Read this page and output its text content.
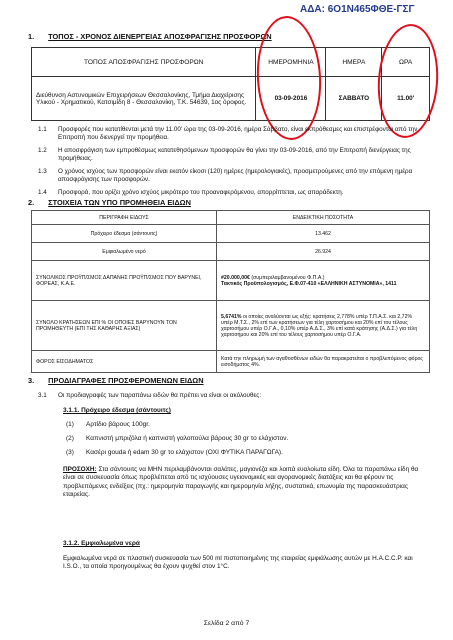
ΑΔΑ: 6Ο1Ν465ΦΘΕ-ΓΣΓ
1. ΤΟΠΟΣ - ΧΡΟΝΟΣ ΔΙΕΝΕΡΓΕΙΑΣ ΑΠΟΣΦΡΑΓΙΣΗΣ ΠΡΟΣΦΟΡΩΝ
ΤΟΠΟΣ ΑΠΟΣΦΡΑΓΙΣΗΣ ΠΡΟΣΦΟΡΩΝ	ΗΜΕΡΟΜΗΝΙΑ	ΗΜΕΡΑ	ΩΡΑ
Διεύθυνση Αστυνομικών Επιχειρήσεων Θεσσαλονίκης, Τμήμα Διαχείρισης Υλικού - Χρηματικού, Κατσιμίδη 8 - Θεσσαλονίκη, Τ.Κ. 54639, 1ος όροφος.	03-09-2016	ΣΑΒΒΑΤΟ	11.00'
1.1 Προσφορές που κατατίθενται μετά την 11.00' ώρα της 03-09-2016, ημέρα Σάββατο, είναι εκπρόθεσμες και επιστρέφονται από την Επιτροπή που διενεργεί την προμήθεια.
1.2 Η αποσφράγιση των εμπροθέσμως κατατεθησόμενων προσφορών θα γίνει την 03-09-2016, από την Επιτροπή διενέργειας της προμήθειας.
1.3 Ο χρόνος ισχύος των προσφορών είναι εκατόν είκοσι (120) ημέρες (ημερολογιακές), προσμετρούμενες από την επόμενη ημέρα αποσφράγισης των προσφορών.
1.4 Προσφορά, που ορίζει χρόνο ισχύος μικρότερο του προαναφερόμενου, απορρίπτεται, ως απαράδεκτη.
2. ΣΤΟΙΧΕΙΑ ΤΩΝ ΥΠΟ ΠΡΟΜΗΘΕΙΑ ΕΙΔΩΝ
ΠΕΡΙΓΡΑΦΗ ΕΙΔΟΥΣ	ΕΝΔΕΙΚΤΙΚΗ ΠΟΣΟΤΗΤΑ
Πρόχειρο έδεσμα (σάντουιτς)	13.462
Εμφιαλωμένο νερό	26.924
ΣΥΝΟΛΙΚΟΣ ΠΡΟΫΠ/ΣΜΟΣ ΔΑΠΑΝΗΣ ΠΡΟΫΠ/ΣΜΟΣ ΠΟΥ ΒΑΡΥΝΕΙ, ΦΟΡΕΑΣ, Κ.Α.Ε.	#20.000,00€ (συμπεριλαμβανομένου Φ.Π.Α.)
Τακτικός Προϋπολογισμός, Ε.Φ.07-410 «ΕΛΛΗΝΙΚΗ ΑΣΤΥΝΟΜΙΑ», 1411
ΣΥΝΟΛΟ ΚΡΑΤΗΣΕΩΝ ΕΠΙ % ΟΙ ΟΠΟΙΕΣ ΒΑΡΥΝΟΥΝ ΤΟΝ ΠΡΟΜΗΘΕΥΤΗ (ΕΠΙ ΤΗΣ ΚΑΘΑΡΗΣ ΑΞΙΑΣ)	5,6741% οι οποίες αναλύονται ως εξής: κρατήσεις 2,778% υπέρ Τ.Π.Α.Σ. και 2,72% υπέρ Μ.Τ.Σ., 2% επί των κρατήσεων για τέλη χαρτοσήμου και 20% επί του τέλους χαρτοσήμου υπέρ Ο.Γ.Α., 0,10% υπέρ Α.Δ.Σ., 3% επί κατά κράτησης (Α.Δ.Σ.) για τέλη χαρτοσήμου και 20% επί του τέλους χαρτοσήμου υπέρ Ο.Γ.Α.
ΦΟΡΟΣ ΕΙΣΟΔΗΜΑΤΟΣ	Κατά την πληρωμή των αγαθοσθένων ειδών θα παρακρατείται ο προβλεπόμενος φόρος εισοδήματος 4%.
3. ΠΡΟΔΙΑΓΡΑΦΕΣ ΠΡΟΣΦΕΡΟΜΕΝΩΝ ΕΙΔΩΝ
3.1 Οι προδιαγραφές των παραπάνω ειδών θα πρέπει να είναι οι ακόλουθες:
3.1.1. Πρόχειρο έδεσμα (σάντουιτς)
(1) Αρτίδιο βάρους 100gr.
(2) Καπνιστή μπριζόλα ή καπνιστή γαλοπούλα βάρους 30 gr το ελάχιστον.
(3) Κασέρι gouda ή edam 30 gr το ελάχιστον (ΟΧΙ ΦΥΤΙΚΑ ΠΑΡΑΓΩΓΑ).
ΠΡΟΣΟΧΗ: Στα σάντουιτς να ΜΗΝ περιλαμβάνονται σαλάτες, μαγιονέζα και λοιπά ευαλοίωτα είδη. Όλα τα παραπάνω είδη θα είναι σε συσκευασία όπως προβλέπεται από τις ισχύουσες υγειονομικές και αγορανομικές διατάξεις και θα φέρουν τις προβλεπόμενες ενδείξεις (πχ.: ημερομηνία παραγωγής και ημερομηνία λήξης, συστατικά, επωνυμία της παρασκευάστριας εταιρείας.
3.1.2. Εμφιαλωμένα νερά
Εμφιαλωμένα νερά σε πλαστική συσκευασία των 500 ml πιστοποιημένης της εταιρείας εμφιάλωσης αυτών με Η.Α.C.C.P. και I.S.O., τα οποία προηγουμένως θα έχουν ψυχθεί στον 1°C.
Σελίδα 2 από 7
